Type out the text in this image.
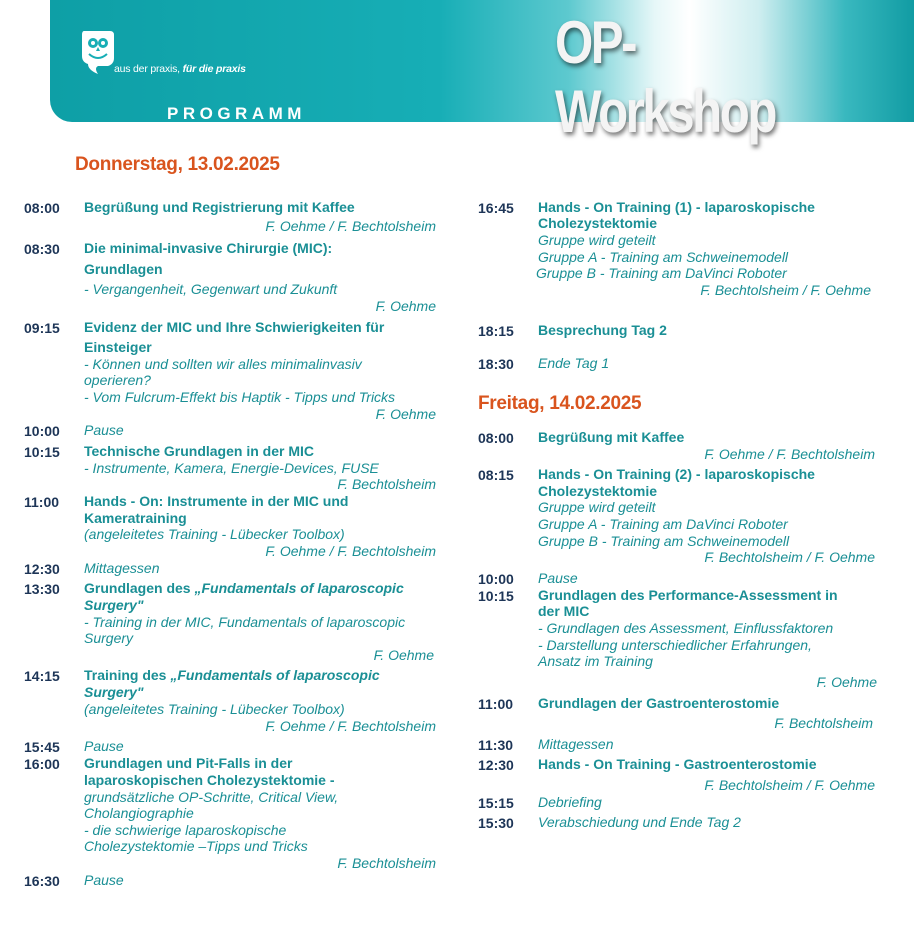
aus der praxis, für die praxis	OP-Workshop
PROGRAMM
Donnerstag, 13.02.2025
08:00 Begrüßung und Registrierung mit Kaffee
F. Oehme / F. Bechtolsheim
08:30 Die minimal-invasive Chirurgie (MIC):
Grundlagen
- Vergangenheit, Gegenwart und Zukunft
F. Oehme
09:15 Evidenz der MIC und Ihre Schwierigkeiten für
Einsteiger
- Können und sollten wir alles minimalinvasiv
operieren?
- Vom Fulcrum-Effekt bis Haptik - Tipps und Tricks
F. Oehme
10:00 Pause
10:15 Technische Grundlagen in der MIC
- Instrumente, Kamera, Energie-Devices, FUSE
F. Bechtolsheim
11:00 Hands - On: Instrumente in der MIC und
Kameratraining
(angeleitetes Training - Lübecker Toolbox)
F. Oehme / F. Bechtolsheim
12:30 Mittagessen
13:30 Grundlagen des „Fundamentals of laparoscopic
Surgery"
- Training in der MIC, Fundamentals of laparoscopic
Surgery
F. Oehme
14:15 Training des „Fundamentals of laparoscopic
Surgery"
(angeleitetes Training - Lübecker Toolbox)
F. Oehme / F. Bechtolsheim
15:45 Pause
16:00 Grundlagen und Pit-Falls in der
laparoskopischen Cholezystektomie -
grundsätzliche OP-Schritte, Critical View,
Cholangiographie
- die schwierige laparoskopische
Cholezystektomie –Tipps und Tricks
F. Bechtolsheim
16:30 Pause
16:45 Hands - On Training (1) - laparoskopische
Cholezystektomie
Gruppe wird geteilt
Gruppe A - Training am Schweinemodell
Gruppe B - Training am DaVinci Roboter
F. Bechtolsheim / F. Oehme
18:15 Besprechung Tag 2
18:30 Ende Tag 1
Freitag, 14.02.2025
08:00 Begrüßung mit Kaffee
F. Oehme / F. Bechtolsheim
08:15 Hands - On Training (2) - laparoskopische
Cholezystektomie
Gruppe wird geteilt
Gruppe A - Training am DaVinci Roboter
Gruppe B - Training am Schweinemodell
F. Bechtolsheim / F. Oehme
10:00 Pause
10:15 Grundlagen des Performance-Assessment in
der MIC
- Grundlagen des Assessment, Einflussfaktoren
- Darstellung unterschiedlicher Erfahrungen,
Ansatz im Training
F. Oehme
11:00 Grundlagen der Gastroenterostomie
F. Bechtolsheim
11:30 Mittagessen
12:30 Hands - On Training - Gastroenterostomie
F. Bechtolsheim / F. Oehme
15:15 Debriefing
15:30 Verabschiedung und Ende Tag 2
